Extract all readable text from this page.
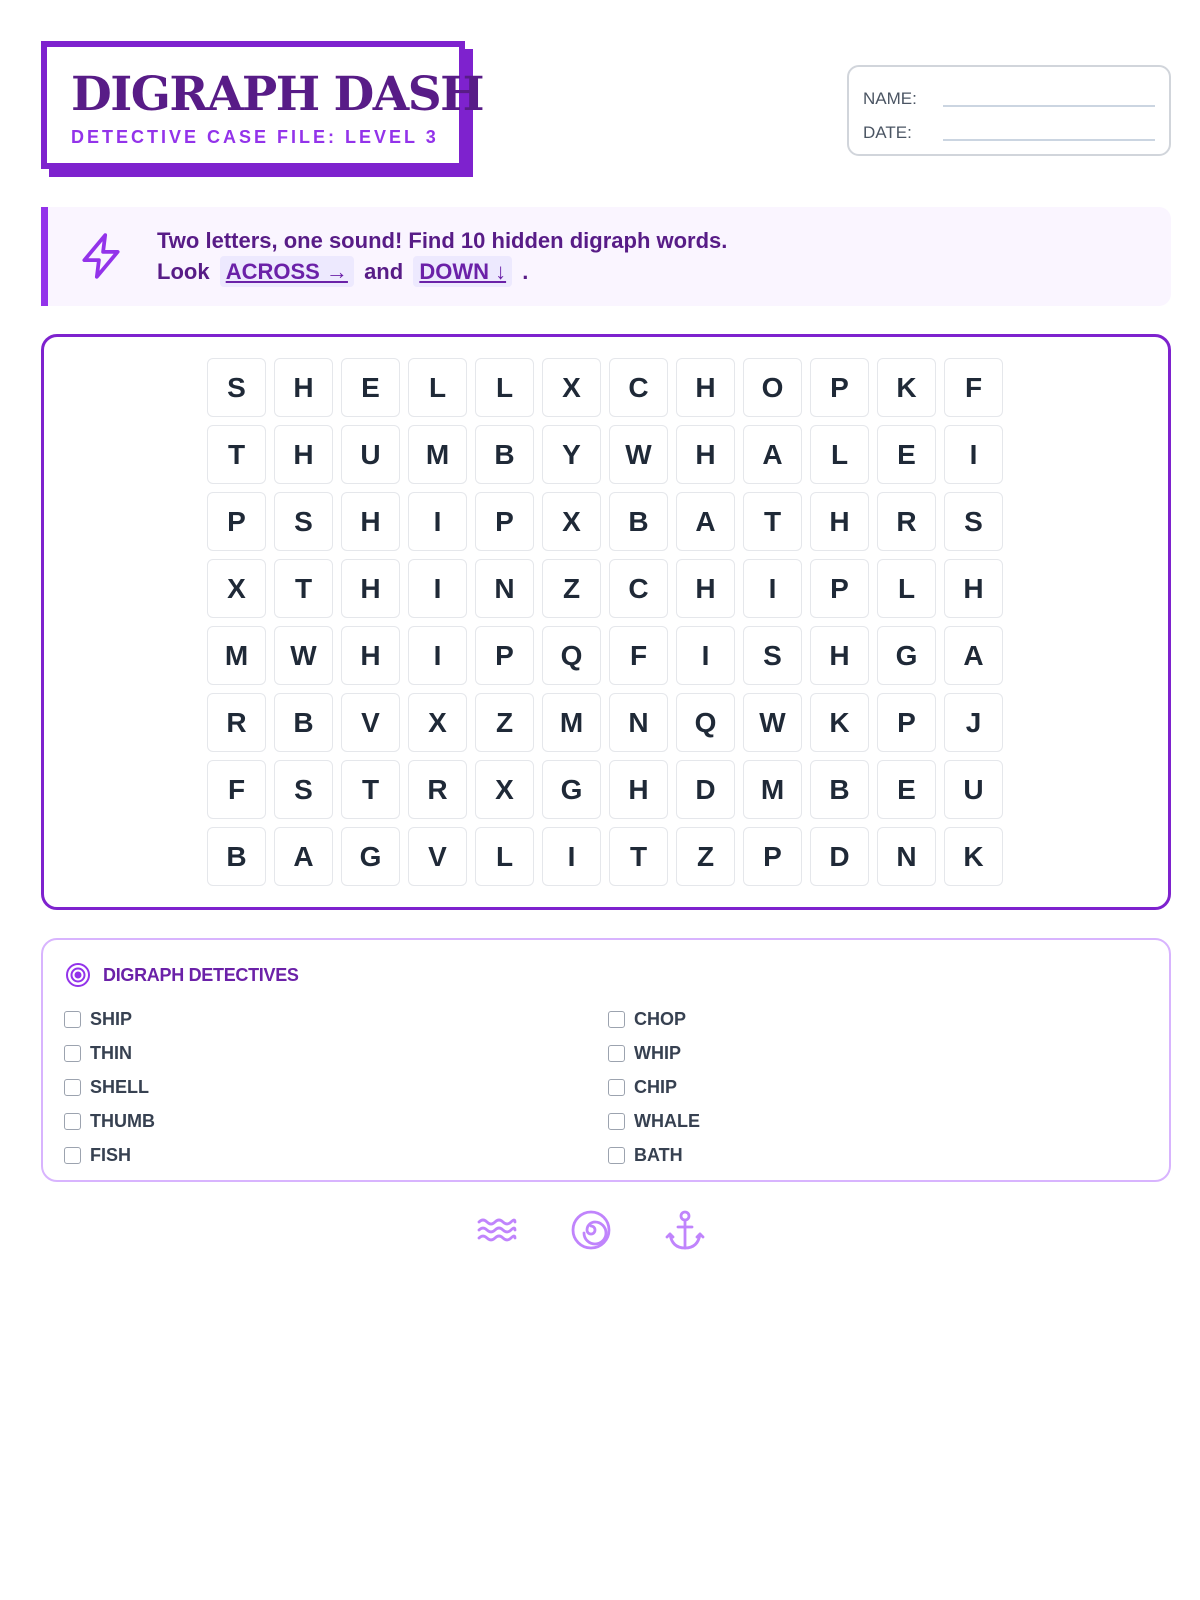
DIGRAPH DASH
DETECTIVE CASE FILE: LEVEL 3
NAME:
DATE:
Two letters, one sound! Find 10 hidden digraph words.
Look ACROSS → and DOWN ↓ .
S	H	E	L	L	X	C	H	O	P	K	F
T	H	U	M	B	Y	W	H	A	L	E	I
P	S	H	I	P	X	B	A	T	H	R	S
X	T	H	I	N	Z	C	H	I	P	L	H
M	W	H	I	P	Q	F	I	S	H	G	A
R	B	V	X	Z	M	N	Q	W	K	P	J
F	S	T	R	X	G	H	D	M	B	E	U
B	A	G	V	L	I	T	Z	P	D	N	K
DIGRAPH DETECTIVES
SHIP
THIN
SHELL
THUMB
FISH
CHOP
WHIP
CHIP
WHALE
BATH
